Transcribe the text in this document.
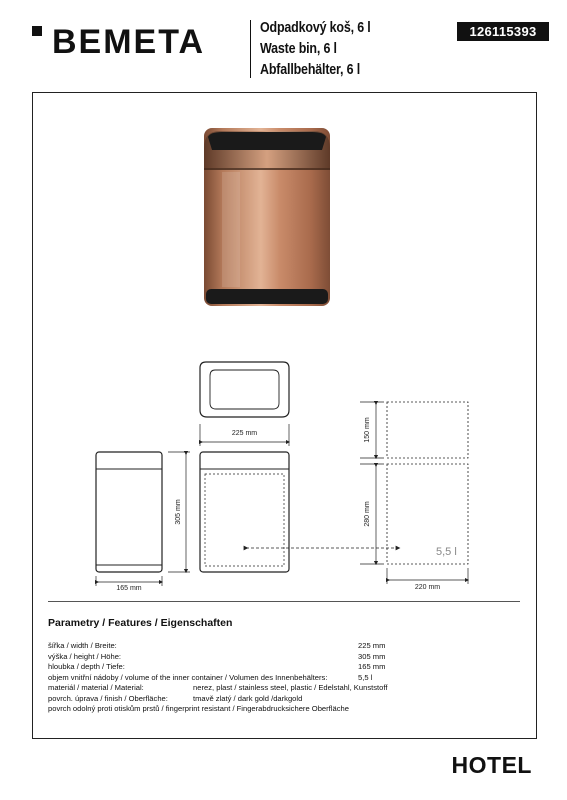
BEMETA	Odpadkový koš, 6 l
Waste bin, 6 l
Abfallbehälter, 6 l
126115393
225 mm
305 mm
165 mm
150 mm
280 mm
220 mm
5,5 l
Parametry / Features / Eigenschaften
šířka / width / Breite:	225 mm
výška / height / Höhe:	305 mm
hloubka / depth / Tiefe:	165 mm
objem vnitřní nádoby / volume of the inner container / Volumen des Innenbehälters:	5,5 l
materiál / material / Material:	nerez, plast / stainless steel, plastic / Edelstahl, Kunststoff
povrch. úprava / finish / Oberfläche:	tmavě zlatý / dark gold /darkgold
povrch odolný proti otiskům prstů / fingerprint resistant / Fingerabdrucksichere Oberfläche
HOTEL
